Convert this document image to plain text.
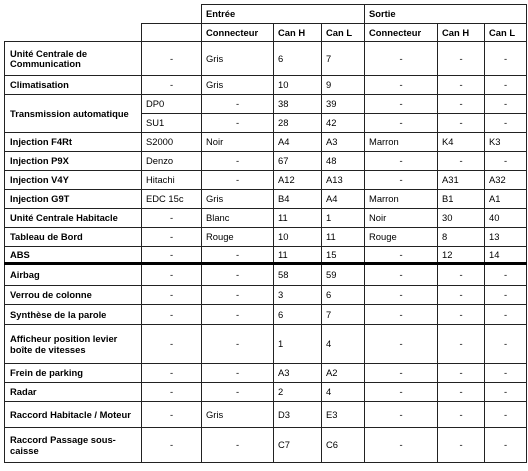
		Entrée			Sortie		
		Connecteur	Can H	Can L	Connecteur	Can H	Can L
Unité Centrale de Communication	-	Gris	6	7	-	-	-
Climatisation	-	Gris	10	9	-	-	-
Transmission automatique	DP0	-	38	39	-	-	-
	SU1	-	28	42	-	-	-
Injection F4Rt	S2000	Noir	A4	A3	Marron	K4	K3
Injection P9X	Denzo	-	67	48	-	-	-
Injection V4Y	Hitachi	-	A12	A13	-	A31	A32
Injection G9T	EDC 15c	Gris	B4	A4	Marron	B1	A1
Unité Centrale Habitacle	-	Blanc	11	1	Noir	30	40
Tableau de Bord	-	Rouge	10	11	Rouge	8	13
ABS	-	-	11	15	-	12	14
Airbag	-	-	58	59	-	-	-
Verrou de colonne	-	-	3	6	-	-	-
Synthèse de la parole	-	-	6	7	-	-	-
Afficheur position levier boîte de vitesses	-	-	1	4	-	-	-
Frein de parking	-	-	A3	A2	-	-	-
Radar	-	-	2	4	-	-	-
Raccord Habitacle / Moteur	-	Gris	D3	E3	-	-	-
Raccord Passage sous-caisse	-	-	C7	C6	-	-	-
